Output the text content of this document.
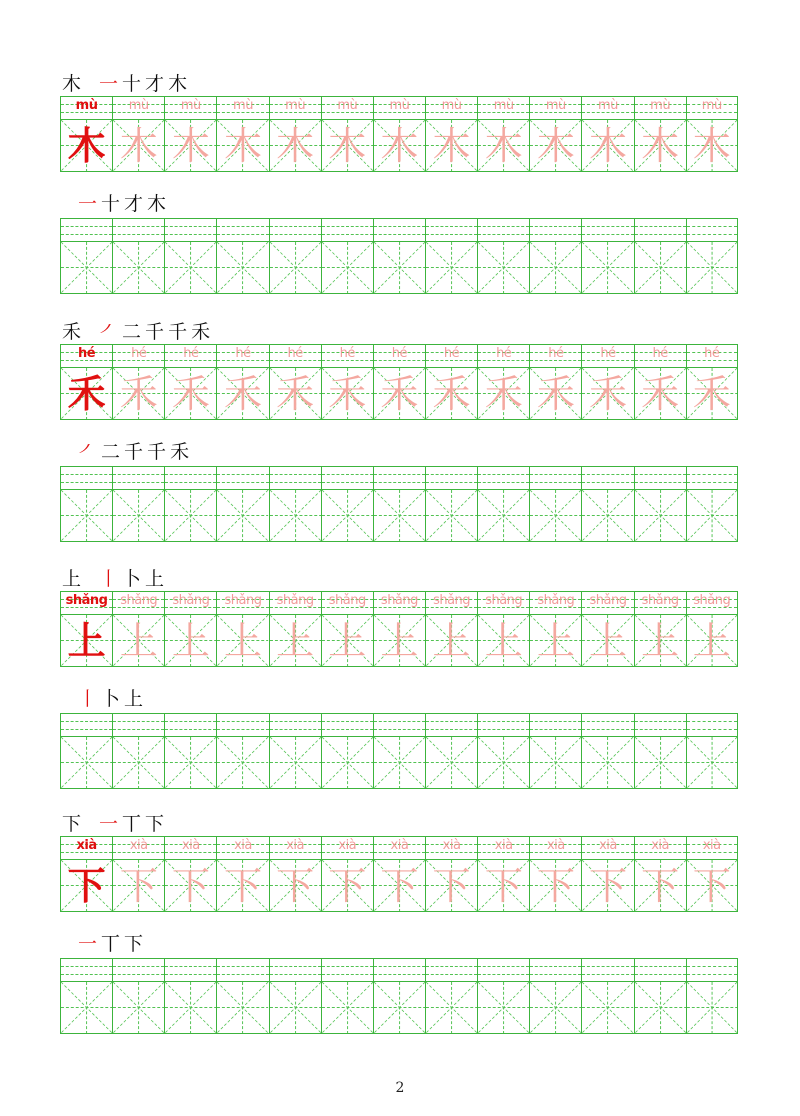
木 一 十 才 木
mù
木
mù
木
mù
木
mù
木
mù
木
mù
木
mù
木
mù
木
mù
木
mù
木
mù
木
mù
木
mù
木
一 十 才 木
禾 ㇒ 二 千 千 禾
hé
禾
hé
禾
hé
禾
hé
禾
hé
禾
hé
禾
hé
禾
hé
禾
hé
禾
hé
禾
hé
禾
hé
禾
hé
禾
㇒ 二 千 千 禾
上 丨 卜 上
shǎng
上
shǎng
上
shǎng
上
shǎng
上
shǎng
上
shǎng
上
shǎng
上
shǎng
上
shǎng
上
shǎng
上
shǎng
上
shǎng
上
shǎng
上
丨 卜 上
下 一 丅 下
xià
下
xià
下
xià
下
xià
下
xià
下
xià
下
xià
下
xià
下
xià
下
xià
下
xià
下
xià
下
xià
下
一 丅 下
2
